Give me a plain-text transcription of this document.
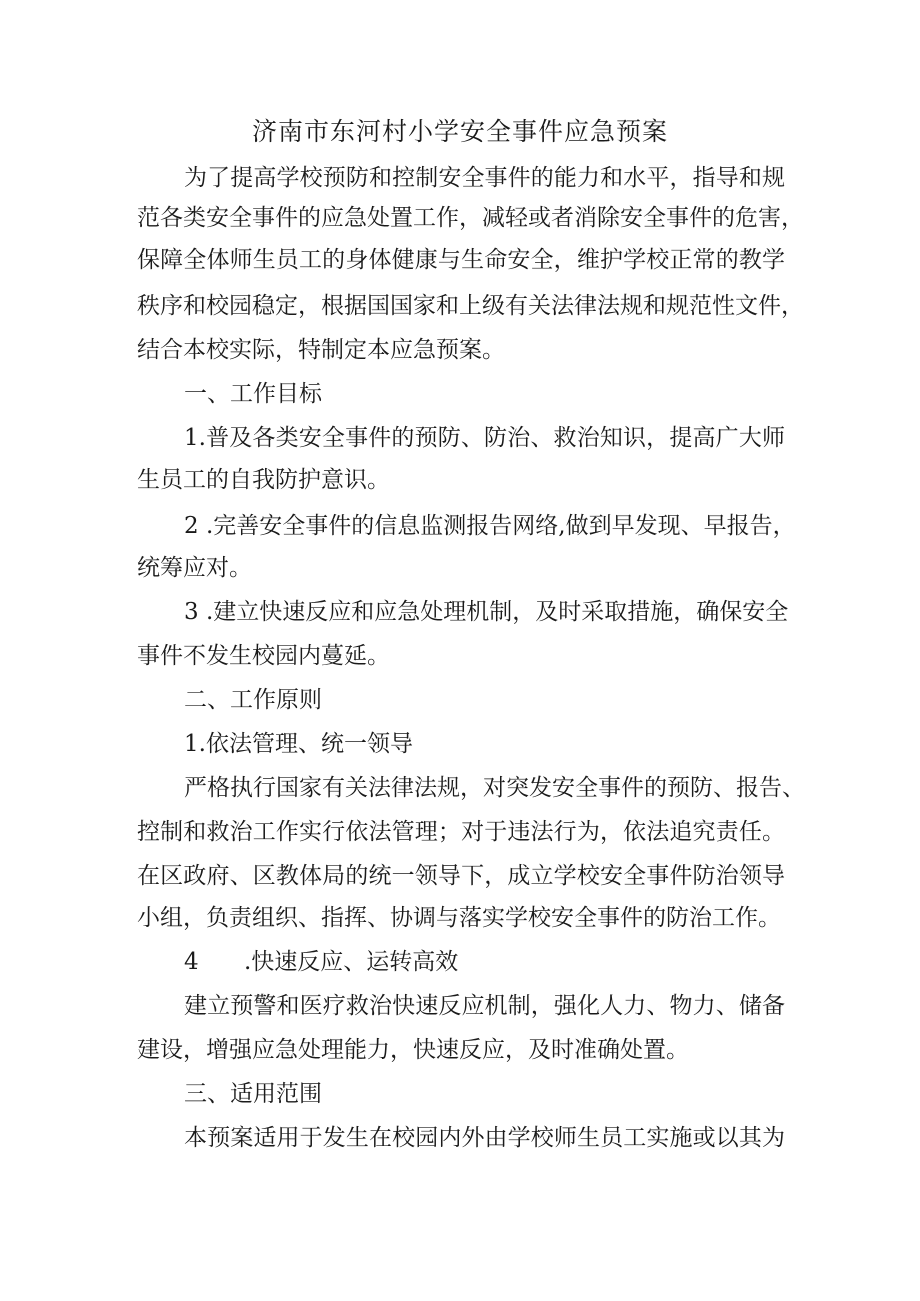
济南市东河村小学安全事件应急预案
为了提高学校预防和控制安全事件的能力和水平，指导和规
范各类安全事件的应急处置工作，减轻或者消除安全事件的危害，
保障全体师生员工的身体健康与生命安全，维护学校正常的教学
秩序和校园稳定，根据国国家和上级有关法律法规和规范性文件，
结合本校实际，特制定本应急预案。
一、工作目标
1.普及各类安全事件的预防、防治、救治知识，提高广大师
生员工的自我防护意识。
2 .完善安全事件的信息监测报告网络,做到早发现、早报告，
统筹应对。
3 .建立快速反应和应急处理机制，及时采取措施，确保安全
事件不发生校园内蔓延。
二、工作原则
1.依法管理、统一领导
严格执行国家有关法律法规，对突发安全事件的预防、报告、
控制和救治工作实行依法管理；对于违法行为，依法追究责任。
在区政府、区教体局的统一领导下，成立学校安全事件防治领导
小组，负责组织、指挥、协调与落实学校安全事件的防治工作。
4 .快速反应、运转高效
建立预警和医疗救治快速反应机制，强化人力、物力、储备
建设，增强应急处理能力，快速反应，及时准确处置。
三、适用范围
本预案适用于发生在校园内外由学校师生员工实施或以其为
